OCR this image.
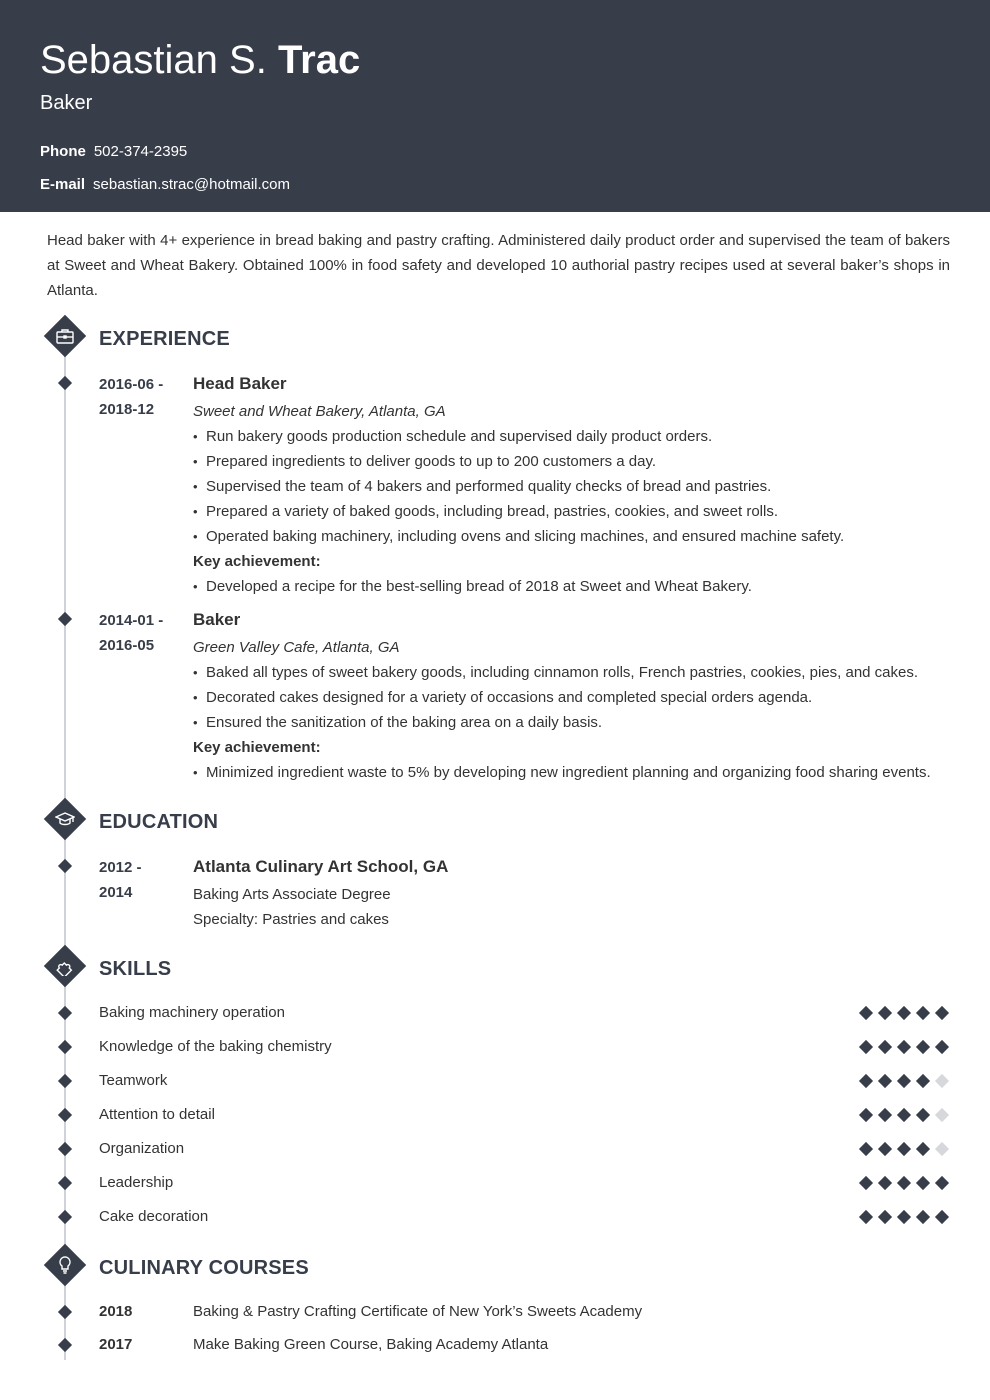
Sebastian S. Trac
Baker
Phone 502-374-2395
E-mail sebastian.strac@hotmail.com
Head baker with 4+ experience in bread baking and pastry crafting. Administered daily product order and supervised the team of bakers at Sweet and Wheat Bakery. Obtained 100% in food safety and developed 10 authorial pastry recipes used at several baker’s shops in Atlanta.
EXPERIENCE
2016-06 -
2018-12
Head Baker
Sweet and Wheat Bakery, Atlanta, GA
• Run bakery goods production schedule and supervised daily product orders.
• Prepared ingredients to deliver goods to up to 200 customers a day.
• Supervised the team of 4 bakers and performed quality checks of bread and pastries.
• Prepared a variety of baked goods, including bread, pastries, cookies, and sweet rolls.
• Operated baking machinery, including ovens and slicing machines, and ensured machine safety.
Key achievement:
• Developed a recipe for the best-selling bread of 2018 at Sweet and Wheat Bakery.
2014-01 -
2016-05
Baker
Green Valley Cafe, Atlanta, GA
• Baked all types of sweet bakery goods, including cinnamon rolls, French pastries, cookies, pies, and cakes.
• Decorated cakes designed for a variety of occasions and completed special orders agenda.
• Ensured the sanitization of the baking area on a daily basis.
Key achievement:
• Minimized ingredient waste to 5% by developing new ingredient planning and organizing food sharing events.
EDUCATION
2012 -
2014
Atlanta Culinary Art School, GA
Baking Arts Associate Degree
Specialty: Pastries and cakes
SKILLS
Baking machinery operation
Knowledge of the baking chemistry
Teamwork
Attention to detail
Organization
Leadership
Cake decoration
CULINARY COURSES
2018	Baking & Pastry Crafting Certificate of New York’s Sweets Academy
2017	Make Baking Green Course, Baking Academy Atlanta
